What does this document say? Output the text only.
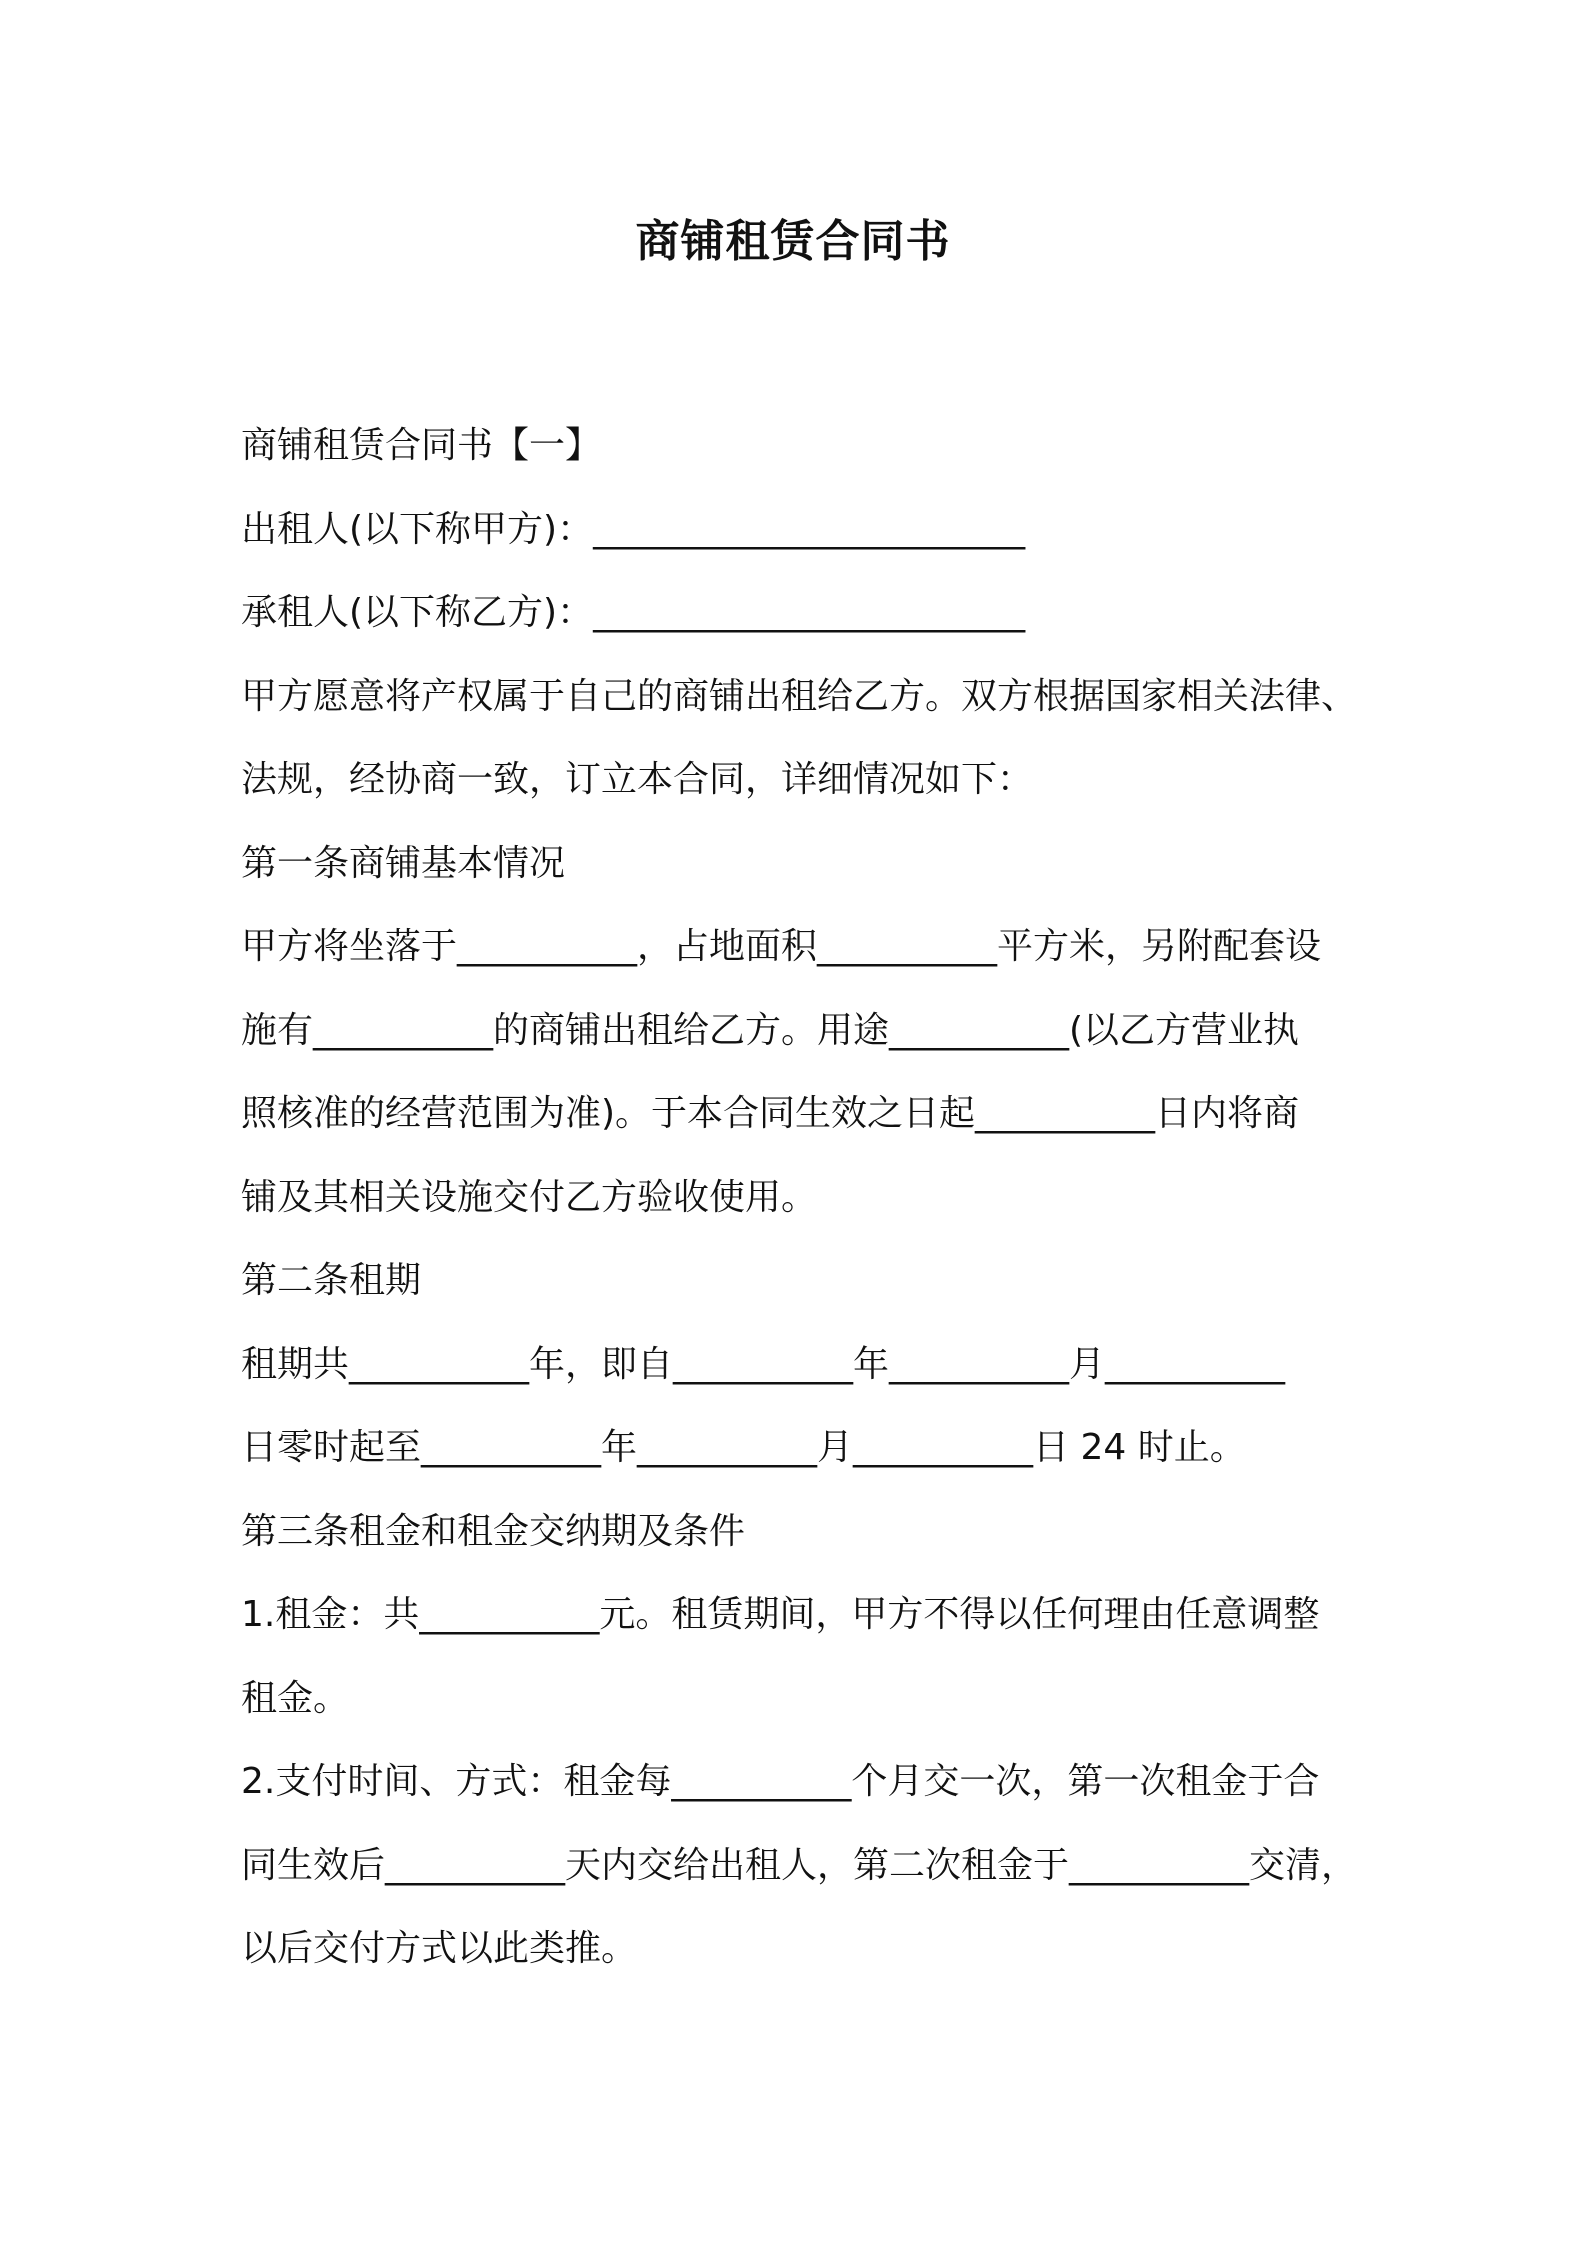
商铺租赁合同书

商铺租赁合同书【一】

出租人(以下称甲方)：________________________

承租人(以下称乙方)：________________________

甲方愿意将产权属于自己的商铺出租给乙方。双方根据国家相关法律、

法规，经协商一致，订立本合同，详细情况如下：

第一条商铺基本情况

甲方将坐落于__________，占地面积__________平方米，另附配套设

施有__________的商铺出租给乙方。用途__________(以乙方营业执

照核准的经营范围为准)。于本合同生效之日起__________日内将商

铺及其相关设施交付乙方验收使用。

第二条租期

租期共__________年，即自__________年__________月__________

日零时起至__________年__________月__________日 24 时止。

第三条租金和租金交纳期及条件

1.租金：共__________元。租赁期间，甲方不得以任何理由任意调整

租金。

2.支付时间、方式：租金每__________个月交一次，第一次租金于合

同生效后__________天内交给出租人，第二次租金于__________交清，

以后交付方式以此类推。
